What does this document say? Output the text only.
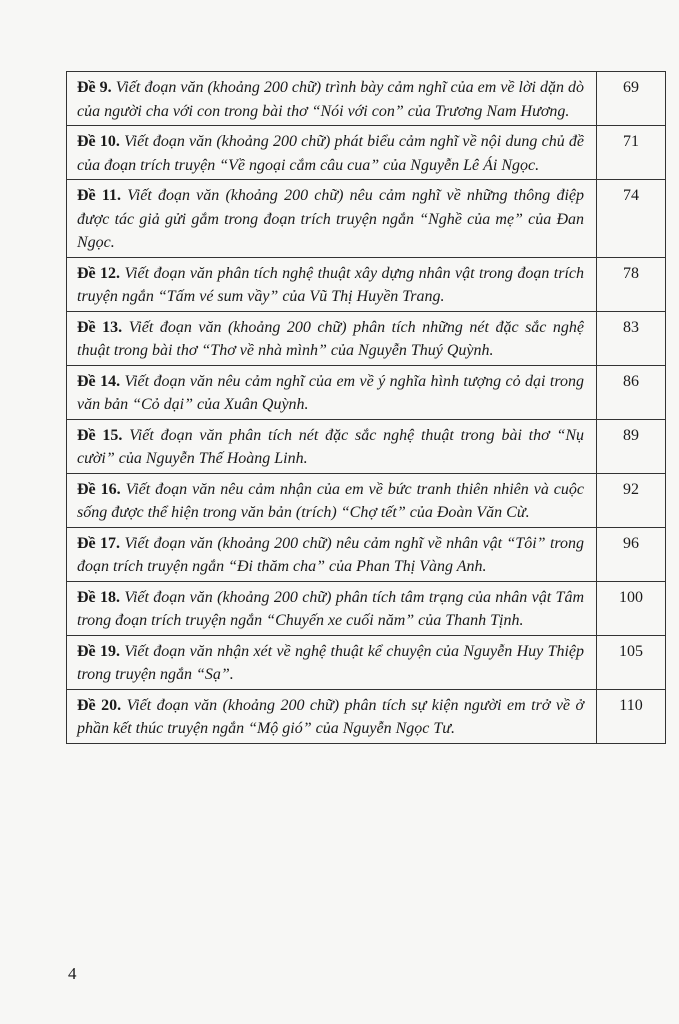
Đề 9. Viết đoạn văn (khoảng 200 chữ) trình bày cảm nghĩ của em về lời dặn dò của người cha với con trong bài thơ “Nói với con” của Trương Nam Hương.	69
Đề 10. Viết đoạn văn (khoảng 200 chữ) phát biểu cảm nghĩ về nội dung chủ đề của đoạn trích truyện “Về ngoại cắm câu cua” của Nguyễn Lê Ái Ngọc.	71
Đề 11. Viết đoạn văn (khoảng 200 chữ) nêu cảm nghĩ về những thông điệp được tác giả gửi gắm trong đoạn trích truyện ngắn “Nghề của mẹ” của Đan Ngọc.	74
Đề 12. Viết đoạn văn phân tích nghệ thuật xây dựng nhân vật trong đoạn trích truyện ngắn “Tấm vé sum vầy” của Vũ Thị Huyền Trang.	78
Đề 13. Viết đoạn văn (khoảng 200 chữ) phân tích những nét đặc sắc nghệ thuật trong bài thơ “Thơ về nhà mình” của Nguyễn Thuý Quỳnh.	83
Đề 14. Viết đoạn văn nêu cảm nghĩ của em về ý nghĩa hình tượng cỏ dại trong văn bản “Cỏ dại” của Xuân Quỳnh.	86
Đề 15. Viết đoạn văn phân tích nét đặc sắc nghệ thuật trong bài thơ “Nụ cười” của Nguyễn Thế Hoàng Linh.	89
Đề 16. Viết đoạn văn nêu cảm nhận của em về bức tranh thiên nhiên và cuộc sống được thể hiện trong văn bản (trích) “Chợ tết” của Đoàn Văn Cừ.	92
Đề 17. Viết đoạn văn (khoảng 200 chữ) nêu cảm nghĩ về nhân vật “Tôi” trong đoạn trích truyện ngắn “Đi thăm cha” của Phan Thị Vàng Anh.	96
Đề 18. Viết đoạn văn (khoảng 200 chữ) phân tích tâm trạng của nhân vật Tâm trong đoạn trích truyện ngắn “Chuyến xe cuối năm” của Thanh Tịnh.	100
Đề 19. Viết đoạn văn nhận xét về nghệ thuật kể chuyện của Nguyễn Huy Thiệp trong truyện ngắn “Sạ”.	105
Đề 20. Viết đoạn văn (khoảng 200 chữ) phân tích sự kiện người em trở về ở phần kết thúc truyện ngắn “Mộ gió” của Nguyễn Ngọc Tư.	110
4
